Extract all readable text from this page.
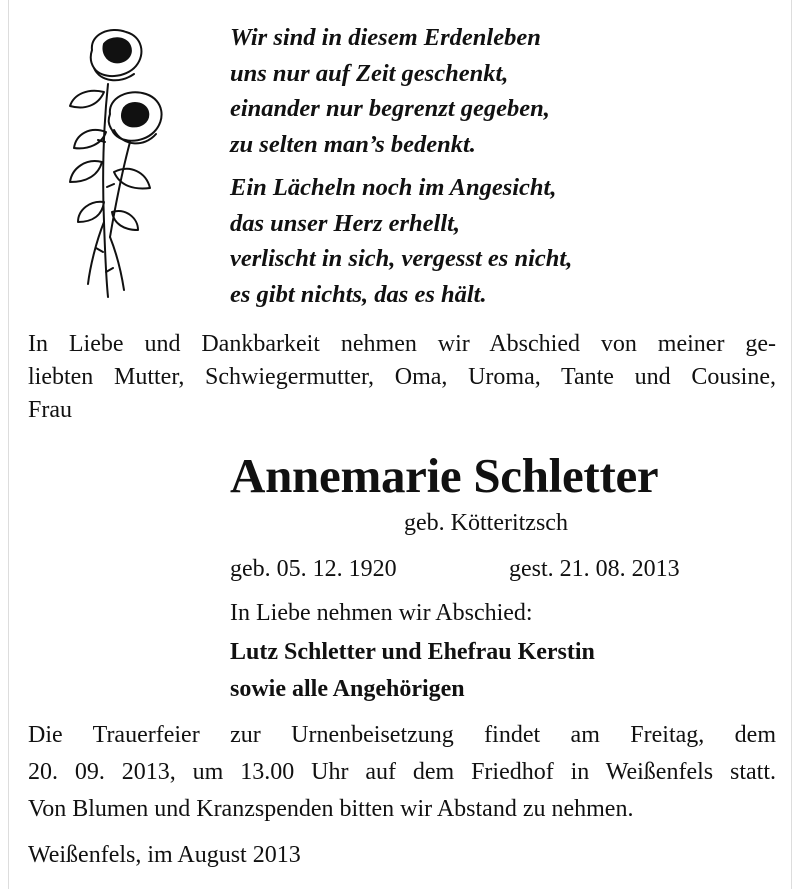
Wir sind in diesem Erdenleben
uns nur auf Zeit geschenkt,
einander nur begrenzt gegeben,
zu selten man’s bedenkt.
Ein Lächeln noch im Angesicht,
das unser Herz erhellt,
verlischt in sich, vergesst es nicht,
es gibt nichts, das es hält.
In Liebe und Dankbarkeit nehmen wir Abschied von meiner ge-
liebten Mutter, Schwiegermutter, Oma, Uroma, Tante und Cousine,
Frau
Annemarie Schletter
geb. Kötteritzsch
geb. 05. 12. 1920	gest. 21. 08. 2013
In Liebe nehmen wir Abschied:
Lutz Schletter und Ehefrau Kerstin
sowie alle Angehörigen
Die Trauerfeier zur Urnenbeisetzung findet am Freitag, dem
20. 09. 2013, um 13.00 Uhr auf dem Friedhof in Weißenfels statt.
Von Blumen und Kranzspenden bitten wir Abstand zu nehmen.
Weißenfels, im August 2013
